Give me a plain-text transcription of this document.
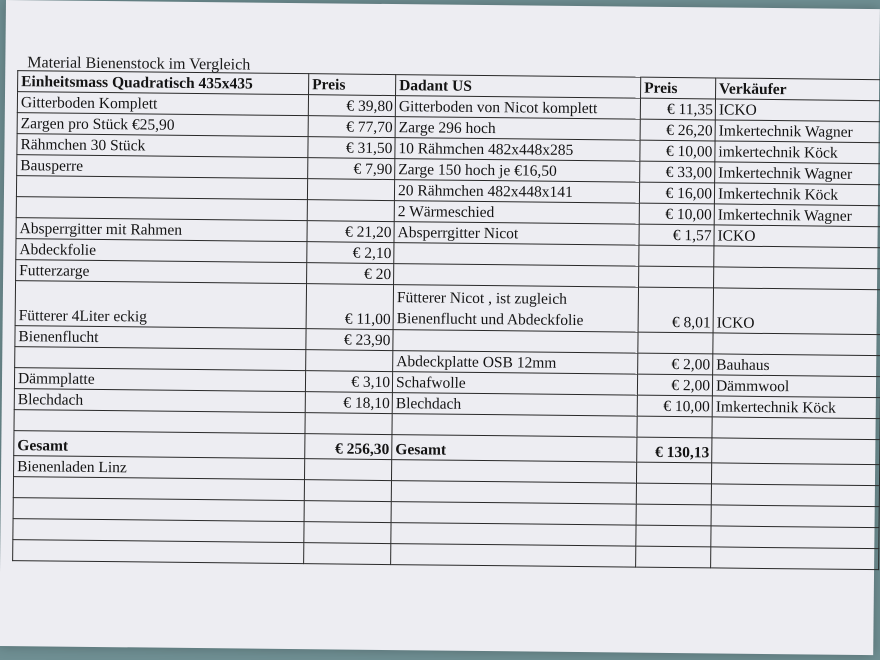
Material Bienenstock im Vergleich
Einheitsmass Quadratisch 435x435	Preis	Dadant US	Preis	Verkäufer
Gitterboden Komplett	€ 39,80	Gitterboden von Nicot komplett	€ 11,35	ICKO
Zargen pro Stück €25,90	€ 77,70	Zarge 296 hoch	€ 26,20	Imkertechnik Wagner
Rähmchen 30 Stück	€ 31,50	10 Rähmchen 482x448x285	€ 10,00	imkertechnik Köck
Bausperre	€ 7,90	Zarge 150 hoch je €16,50	€ 33,00	Imkertechnik Wagner
		20 Rähmchen 482x448x141	€ 16,00	Imkertechnik Köck
		2 Wärmeschied	€ 10,00	Imkertechnik Wagner
Absperrgitter mit Rahmen	€ 21,20	Absperrgitter Nicot	€ 1,57	ICKO
Abdeckfolie	€ 2,10			
Futterzarge	€ 20			
Fütterer 4Liter eckig	€ 11,00	Fütterer Nicot , ist zugleich Bienenflucht und Abdeckfolie	€ 8,01	ICKO
Bienenflucht	€ 23,90			
		Abdeckplatte OSB 12mm	€ 2,00	Bauhaus
Dämmplatte	€ 3,10	Schafwolle	€ 2,00	Dämmwool
Blechdach	€ 18,10	Blechdach	€ 10,00	Imkertechnik Köck

Gesamt	€ 256,30	Gesamt	€ 130,13	
Bienenladen Linz				
